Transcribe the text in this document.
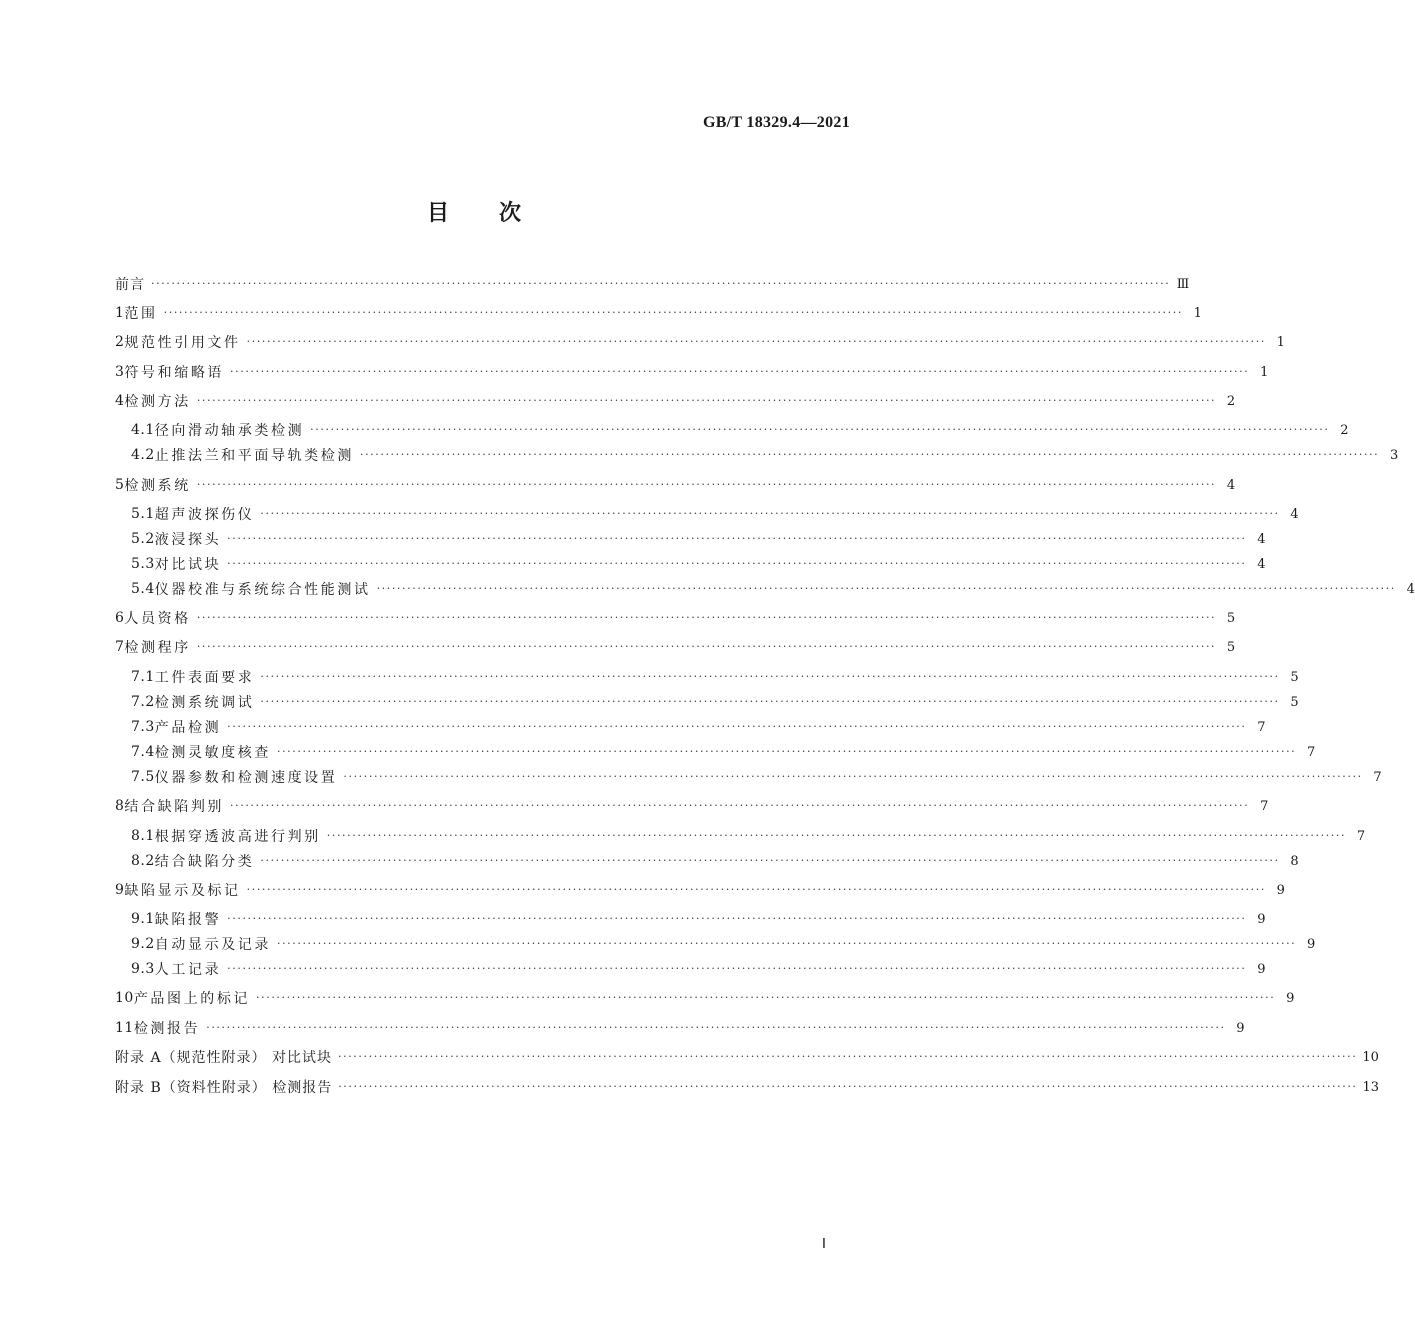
GB/T 18329.4—2021
目 次
前言 ········································································································································································································ Ⅲ
1 范围 ········································································································································································································ 1
2 规范性引用文件 ········································································································································································································ 1
3 符号和缩略语 ········································································································································································································ 1
4 检测方法 ········································································································································································································ 2
4.1 径向滑动轴承类检测 ········································································································································································································ 2
4.2 止推法兰和平面导轨类检测 ········································································································································································································ 3
5 检测系统 ········································································································································································································ 4
5.1 超声波探伤仪 ········································································································································································································ 4
5.2 液浸探头 ········································································································································································································ 4
5.3 对比试块 ········································································································································································································ 4
5.4 仪器校准与系统综合性能测试 ········································································································································································································ 4
6 人员资格 ········································································································································································································ 5
7 检测程序 ········································································································································································································ 5
7.1 工件表面要求 ········································································································································································································ 5
7.2 检测系统调试 ········································································································································································································ 5
7.3 产品检测 ········································································································································································································ 7
7.4 检测灵敏度核查 ········································································································································································································ 7
7.5 仪器参数和检测速度设置 ········································································································································································································ 7
8 结合缺陷判别 ········································································································································································································ 7
8.1 根据穿透波高进行判别 ········································································································································································································ 7
8.2 结合缺陷分类 ········································································································································································································ 8
9 缺陷显示及标记 ········································································································································································································ 9
9.1 缺陷报警 ········································································································································································································ 9
9.2 自动显示及记录 ········································································································································································································ 9
9.3 人工记录 ········································································································································································································ 9
10 产品图上的标记 ········································································································································································································ 9
11 检测报告 ········································································································································································································ 9
附录 A（规范性附录） 对比试块 ········································································································································································································ 10
附录 B（资料性附录） 检测报告 ········································································································································································································ 13
Ⅰ
